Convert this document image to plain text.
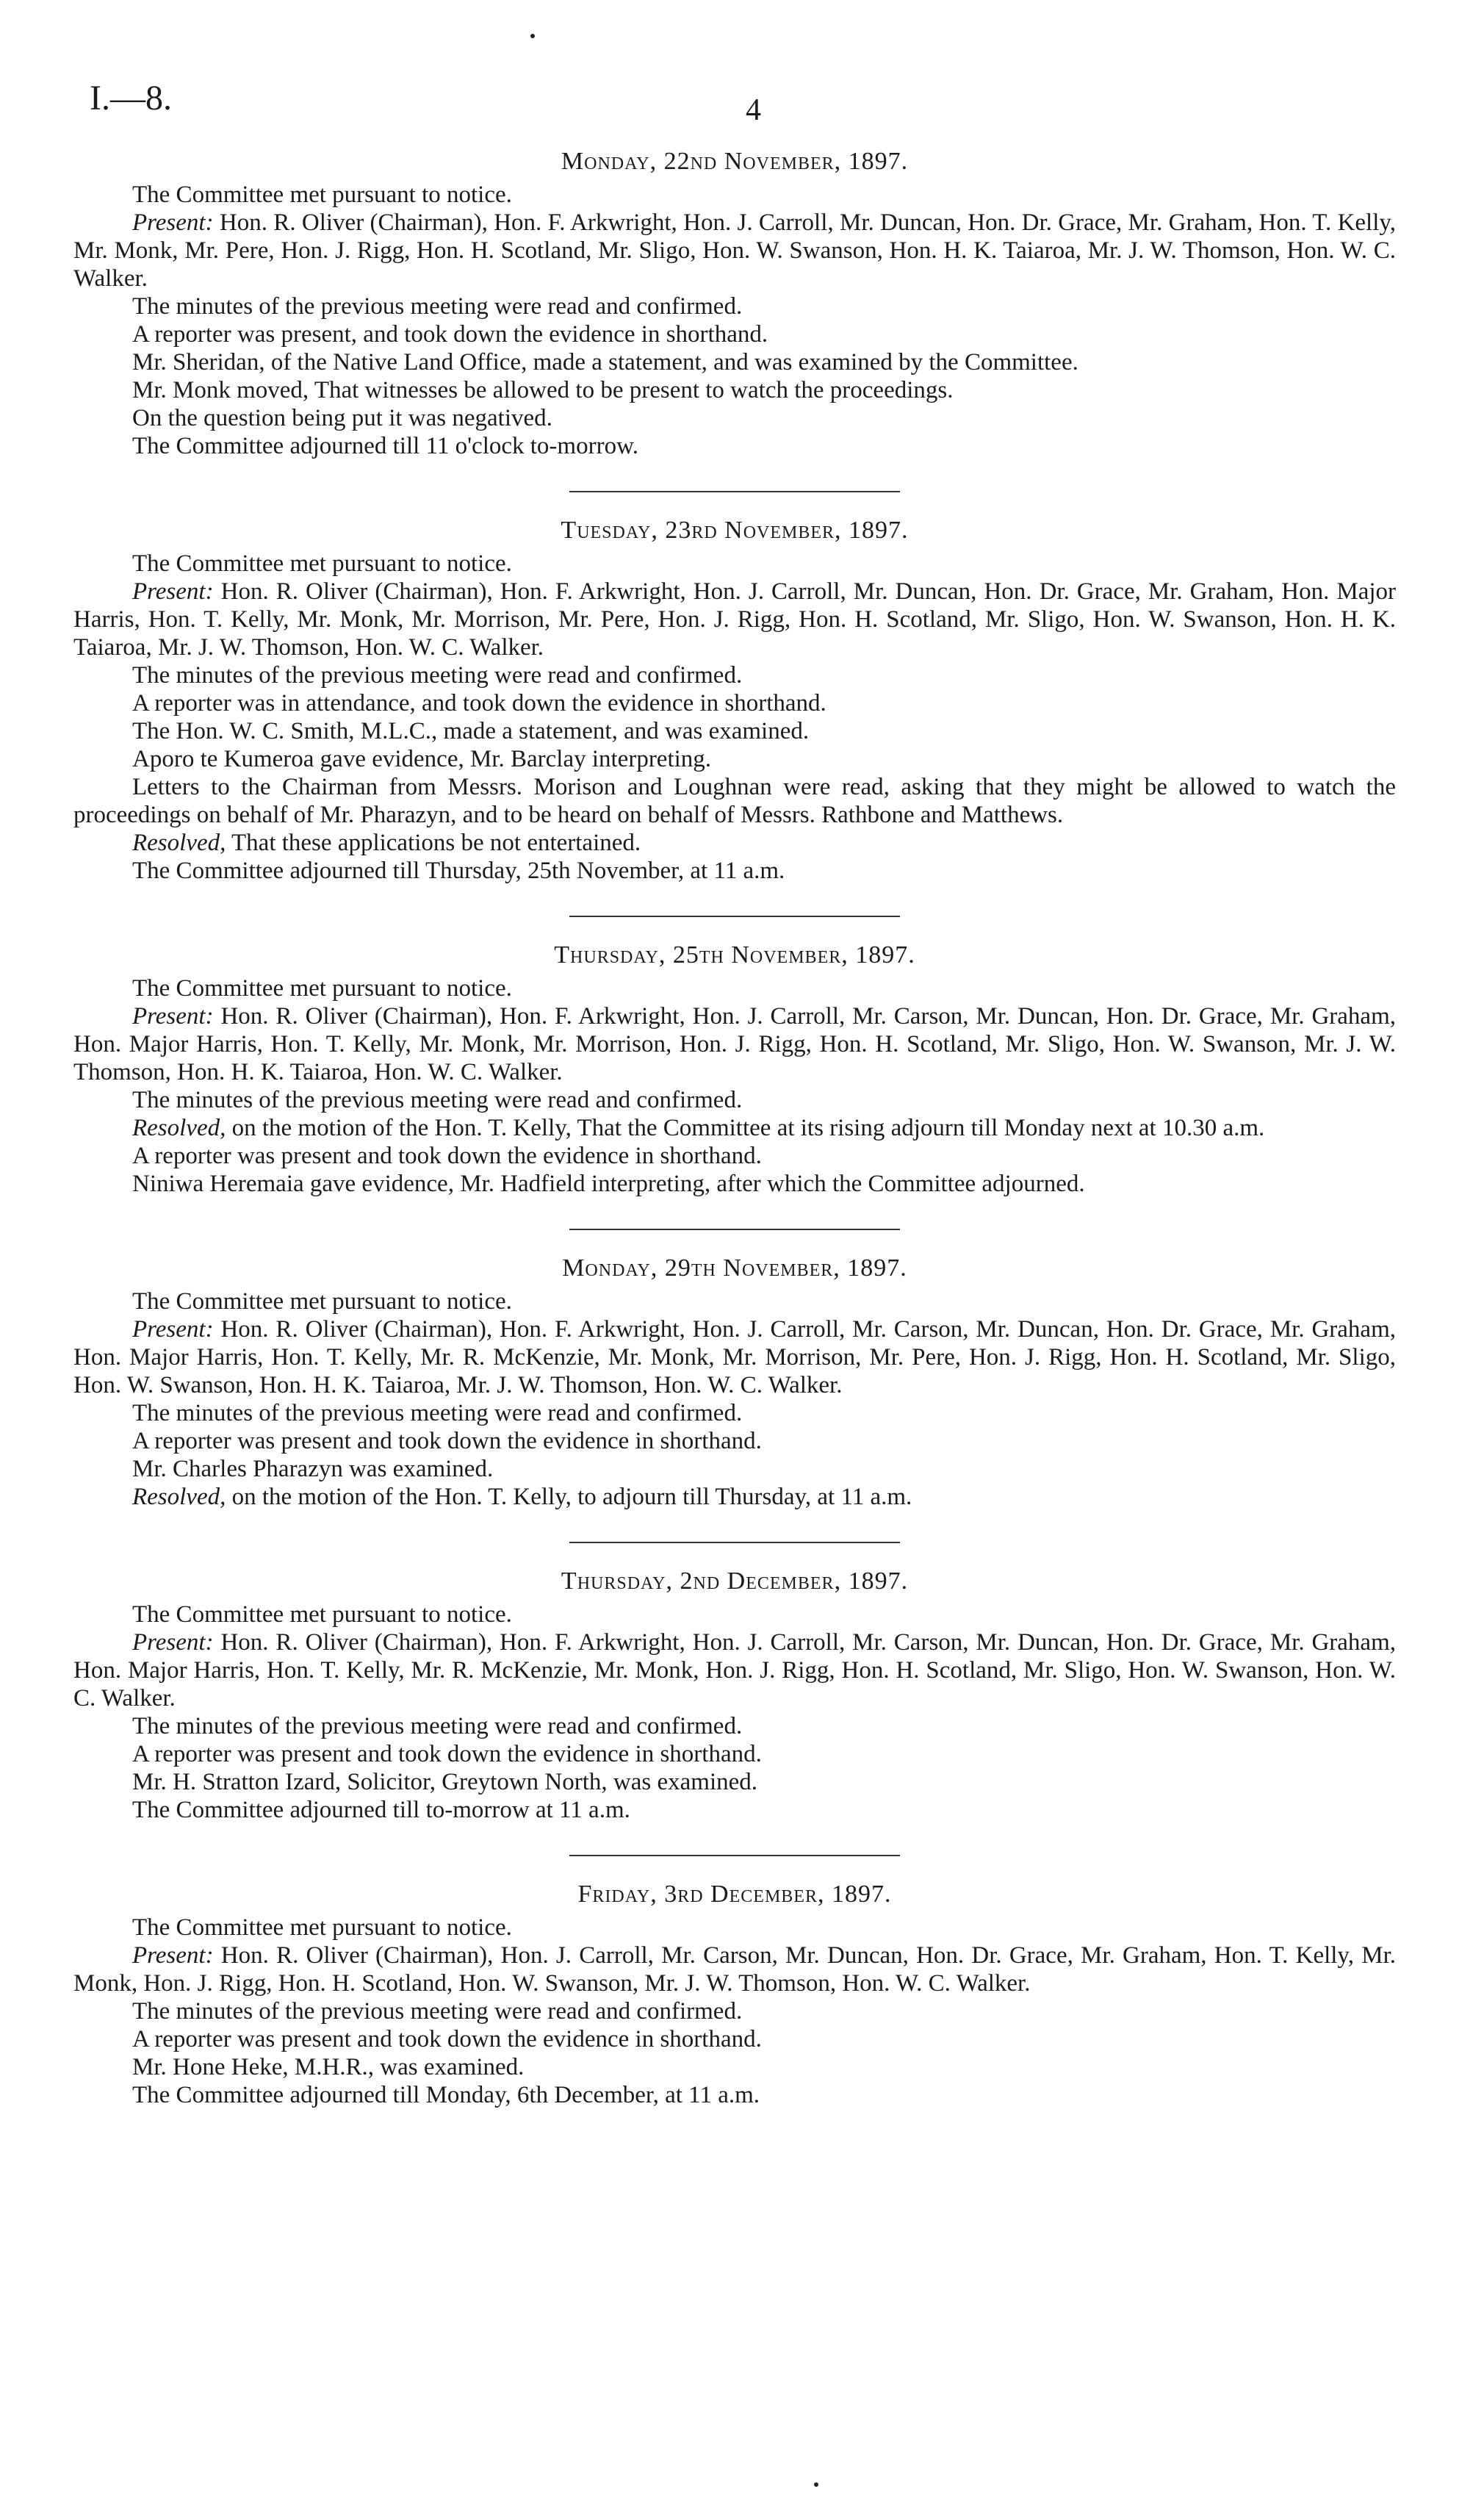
I.—8.	4
Monday, 22nd November, 1897.

The Committee met pursuant to notice.

Present: Hon. R. Oliver (Chairman), Hon. F. Arkwright, Hon. J. Carroll, Mr. Duncan, Hon. Dr. Grace, Mr. Graham, Hon. T. Kelly, Mr. Monk, Mr. Pere, Hon. J. Rigg, Hon. H. Scotland, Mr. Sligo, Hon. W. Swanson, Hon. H. K. Taiaroa, Mr. J. W. Thomson, Hon. W. C. Walker.

The minutes of the previous meeting were read and confirmed.

A reporter was present, and took down the evidence in shorthand.

Mr. Sheridan, of the Native Land Office, made a statement, and was examined by the Committee.

Mr. Monk moved, That witnesses be allowed to be present to watch the proceedings.

On the question being put it was negatived.

The Committee adjourned till 11 o'clock to-morrow.

Tuesday, 23rd November, 1897.

The Committee met pursuant to notice.

Present: Hon. R. Oliver (Chairman), Hon. F. Arkwright, Hon. J. Carroll, Mr. Duncan, Hon. Dr. Grace, Mr. Graham, Hon. Major Harris, Hon. T. Kelly, Mr. Monk, Mr. Morrison, Mr. Pere, Hon. J. Rigg, Hon. H. Scotland, Mr. Sligo, Hon. W. Swanson, Hon. H. K. Taiaroa, Mr. J. W. Thomson, Hon. W. C. Walker.

The minutes of the previous meeting were read and confirmed.

A reporter was in attendance, and took down the evidence in shorthand.

The Hon. W. C. Smith, M.L.C., made a statement, and was examined.

Aporo te Kumeroa gave evidence, Mr. Barclay interpreting.

Letters to the Chairman from Messrs. Morison and Loughnan were read, asking that they might be allowed to watch the proceedings on behalf of Mr. Pharazyn, and to be heard on behalf of Messrs. Rathbone and Matthews.

Resolved, That these applications be not entertained.

The Committee adjourned till Thursday, 25th November, at 11 a.m.

Thursday, 25th November, 1897.

The Committee met pursuant to notice.

Present: Hon. R. Oliver (Chairman), Hon. F. Arkwright, Hon. J. Carroll, Mr. Carson, Mr. Duncan, Hon. Dr. Grace, Mr. Graham, Hon. Major Harris, Hon. T. Kelly, Mr. Monk, Mr. Morrison, Hon. J. Rigg, Hon. H. Scotland, Mr. Sligo, Hon. W. Swanson, Mr. J. W. Thomson, Hon. H. K. Taiaroa, Hon. W. C. Walker.

The minutes of the previous meeting were read and confirmed.

Resolved, on the motion of the Hon. T. Kelly, That the Committee at its rising adjourn till Monday next at 10.30 a.m.

A reporter was present and took down the evidence in shorthand.

Niniwa Heremaia gave evidence, Mr. Hadfield interpreting, after which the Committee adjourned.

Monday, 29th November, 1897.

The Committee met pursuant to notice.

Present: Hon. R. Oliver (Chairman), Hon. F. Arkwright, Hon. J. Carroll, Mr. Carson, Mr. Duncan, Hon. Dr. Grace, Mr. Graham, Hon. Major Harris, Hon. T. Kelly, Mr. R. McKenzie, Mr. Monk, Mr. Morrison, Mr. Pere, Hon. J. Rigg, Hon. H. Scotland, Mr. Sligo, Hon. W. Swanson, Hon. H. K. Taiaroa, Mr. J. W. Thomson, Hon. W. C. Walker.

The minutes of the previous meeting were read and confirmed.

A reporter was present and took down the evidence in shorthand.

Mr. Charles Pharazyn was examined.

Resolved, on the motion of the Hon. T. Kelly, to adjourn till Thursday, at 11 a.m.

Thursday, 2nd December, 1897.

The Committee met pursuant to notice.

Present: Hon. R. Oliver (Chairman), Hon. F. Arkwright, Hon. J. Carroll, Mr. Carson, Mr. Duncan, Hon. Dr. Grace, Mr. Graham, Hon. Major Harris, Hon. T. Kelly, Mr. R. McKenzie, Mr. Monk, Hon. J. Rigg, Hon. H. Scotland, Mr. Sligo, Hon. W. Swanson, Hon. W. C. Walker.

The minutes of the previous meeting were read and confirmed.

A reporter was present and took down the evidence in shorthand.

Mr. H. Stratton Izard, Solicitor, Greytown North, was examined.

The Committee adjourned till to-morrow at 11 a.m.

Friday, 3rd December, 1897.

The Committee met pursuant to notice.

Present: Hon. R. Oliver (Chairman), Hon. J. Carroll, Mr. Carson, Mr. Duncan, Hon. Dr. Grace, Mr. Graham, Hon. T. Kelly, Mr. Monk, Hon. J. Rigg, Hon. H. Scotland, Hon. W. Swanson, Mr. J. W. Thomson, Hon. W. C. Walker.

The minutes of the previous meeting were read and confirmed.

A reporter was present and took down the evidence in shorthand.

Mr. Hone Heke, M.H.R., was examined.

The Committee adjourned till Monday, 6th December, at 11 a.m.
